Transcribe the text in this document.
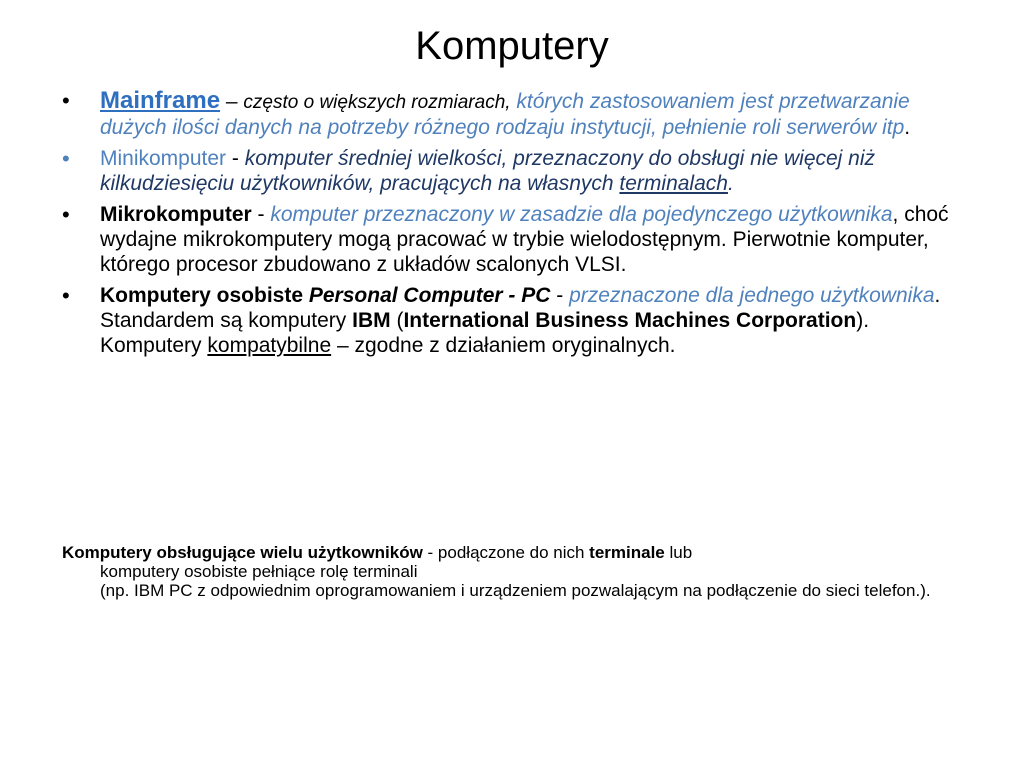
Komputery
• Mainframe – często o większych rozmiarach, których zastosowaniem jest przetwarzanie dużych ilości danych na potrzeby różnego rodzaju instytucji, pełnienie roli serwerów itp.
• Minikomputer - komputer średniej wielkości, przeznaczony do obsługi nie więcej niż kilkudziesięciu użytkowników, pracujących na własnych terminalach.
• Mikrokomputer - komputer przeznaczony w zasadzie dla pojedynczego użytkownika, choć wydajne mikrokomputery mogą pracować w trybie wielodostępnym. Pierwotnie komputer, którego procesor zbudowano z układów scalonych VLSI.
• Komputery osobiste Personal Computer - PC - przeznaczone dla jednego użytkownika.
Standardem są komputery IBM (International Business Machines Corporation).
Komputery kompatybilne – zgodne z działaniem oryginalnych.
Komputery obsługujące wielu użytkowników - podłączone do nich terminale lub
komputery osobiste pełniące rolę terminali
(np. IBM PC z odpowiednim oprogramowaniem i urządzeniem pozwalającym na podłączenie do sieci telefon.).
